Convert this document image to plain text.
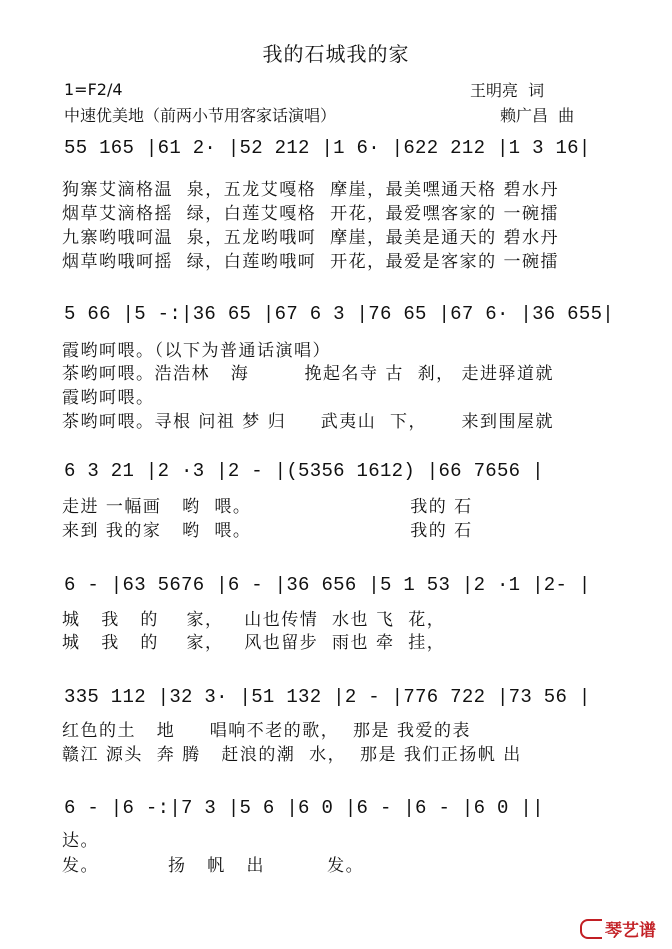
我的石城我的家
1=F2/4
中速优美地（前两小节用客家话演唱）
王明亮  词
赖广昌  曲
55 165 |61 2· |52 212 |1 6· |622 212 |1 3 16|
狗寨艾滴格温  泉，五龙艾嘎格  摩崖，最美嘿通天格 碧水丹
烟草艾滴格摇  绿，白莲艾嘎格  开花，最爱嘿客家的 一碗擂
九寨哟哦呵温  泉，五龙哟哦呵  摩崖，最美是通天的 碧水丹
烟草哟哦呵摇  绿，白莲哟哦呵  开花，最爱是客家的 一碗擂
5 66 |5 -:|36 65 |67 6 3 |76 65 |67 6· |36 655|
霞哟呵喂。（以下为普通话演唱）
茶哟呵喂。浩浩林   海        挽起名寺 古  刹， 走进驿道就
霞哟呵喂。
茶哟呵喂。寻根 问祖 梦 归     武夷山  下，     来到围屋就
6 3 21 |2 ·3 |2 - |(5356 1612) |66 7656 |
走进 一幅画   哟  喂。                       我的 石
来到 我的家   哟  喂。                       我的 石
6 - |63 5676 |6 - |36 656 |5 1 53 |2 ·1 |2- |
城   我   的    家，   山也传情  水也 飞  花，
城   我   的    家，   风也留步  雨也 牵  挂，
335 112 |32 3· |51 132 |2 - |776 722 |73 56 |
红色的土   地     唱响不老的歌，  那是 我爱的表
赣江 源头  奔 腾   赶浪的潮  水，  那是 我们正扬帆 出
6 - |6 -:|7 3 |5 6 |6 0 |6 - |6 - |6 0 ||
达。
发。          扬   帆   出         发。

琴艺谱
